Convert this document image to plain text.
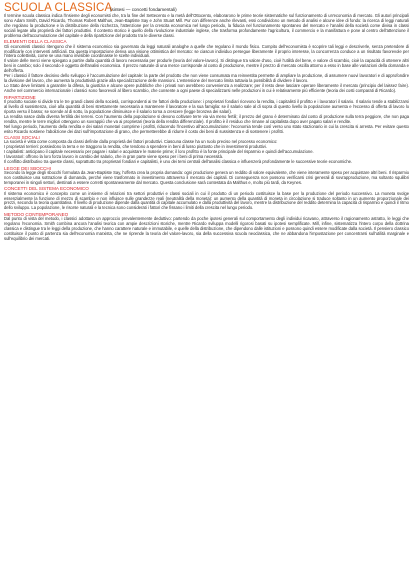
SCUOLA CLASSICA
(sintesi — concetti fondamentali)

Il termine scuola classica indica l'insieme degli economisti che, tra la fine del Settecento e la metà dell'Ottocento, elaborarono le prime teorie sistematiche sul funzionamento di un'economia di mercato. Gli autori principali sono Adam Smith, David Ricardo, Thomas Robert Malthus, Jean-Baptiste Say e John Stuart Mill. Pur con differenze anche rilevanti, essi condividono un metodo di analisi e alcune idee di fondo: la ricerca di leggi naturali che regolano la produzione e la distribuzione della ricchezza, l'attenzione per la crescita economica nel lungo periodo, la fiducia nel funzionamento spontaneo del mercato e l'analisi della società come divisa in classi sociali legate alla proprietà dei fattori produttivi. Il contesto storico è quello della rivoluzione industriale inglese, che trasforma profondamente l'agricoltura, il commercio e la manifattura e pone al centro dell'attenzione il problema dell'accumulazione del capitale e della ripartizione del prodotto tra le diverse classi.

ELEMENTI DELLA CLASSICA

Gli economisti classici ritengono che il sistema economico sia governato da leggi naturali analoghe a quelle che regolano il mondo fisico. Compito dell'economista è scoprire tali leggi e descriverle, senza pretendere di modificarle con interventi artificiali. Da questa impostazione deriva una visione ottimistica del mercato: se ciascun individuo persegue liberamente il proprio interesse, la concorrenza conduce a un risultato favorevole per l'intera collettività, come se una mano invisibile coordinasse le scelte individuali.

Il valore delle merci viene spiegato a partire dalla quantità di lavoro necessaria per produrle (teoria del valore-lavoro). Si distingue tra valore d'uso, cioè l'utilità del bene, e valore di scambio, cioè la capacità di ottenere altri beni in cambio; solo il secondo è oggetto dell'analisi economica. Il prezzo naturale di una merce corrisponde al costo di produzione, mentre il prezzo di mercato oscilla attorno a esso in base alle variazioni della domanda e dell'offerta.

Per i classici il fattore decisivo dello sviluppo è l'accumulazione del capitale: la parte del prodotto che non viene consumata ma reinvestita permette di ampliare la produzione, di assumere nuovi lavoratori e di approfondire la divisione del lavoro, che aumenta la produttività grazie alla specializzazione delle mansioni. L'estensione del mercato limita tuttavia la possibilità di dividere il lavoro.

Lo Stato deve limitarsi a garantire la difesa, la giustizia e alcune opere pubbliche che i privati non avrebbero convenienza a realizzare; per il resto deve lasciare operare liberamente il mercato (principio del laissez faire). Anche nel commercio internazionale i classici sono favorevoli al libero scambio, che consente a ogni paese di specializzarsi nelle produzioni in cui è relativamente più efficiente (teoria dei costi comparati di Ricardo).

RIPARTIZIONE

Il prodotto sociale si divide tra le tre grandi classi della società, corrispondenti ai tre fattori della produzione: i proprietari fondiari ricevono la rendita, i capitalisti il profitto e i lavoratori il salario. Il salario tende a stabilizzarsi al livello di sussistenza, cioè alla quantità di beni strettamente necessaria a mantenere il lavoratore e la sua famiglia: se il salario sale al di sopra di questo livello la popolazione aumenta e l'eccesso di offerta di lavoro lo riporta verso il basso; se scende al di sotto, la popolazione diminuisce e il salario torna a crescere (legge bronzea dei salari).

La rendita nasce dalla diversa fertilità dei terreni. Con l'aumento della popolazione si devono coltivare terre via via meno fertili; il prezzo del grano è determinato dal costo di produzione sulla terra peggiore, che non paga rendita, mentre le terre migliori ottengono un sovrappiù che va ai proprietari (teoria della rendita differenziale). Il profitto è il residuo che rimane al capitalista dopo aver pagato salari e rendite.

Nel lungo periodo, l'aumento della rendita e dei salari monetari comprime i profitti, riducendo l'incentivo all'accumulazione: l'economia tende così verso uno stato stazionario in cui la crescita si arresta. Per evitare questo esito Ricardo sostiene l'abolizione dei dazi sull'importazione di grano, che permetterebbe di ridurre il costo dei beni di sussistenza e di sostenere i profitti.

CLASSI SOCIALI

La società è vista come composta da classi definite dalla proprietà dei fattori produttivi. Ciascuna classe ha un ruolo preciso nel processo economico:

I proprietari terrieri: possiedono la terra e ne traggono la rendita, che tendono a spendere in beni di lusso piuttosto che in investimenti produttivi.

I capitalisti: anticipano il capitale necessario per pagare i salari e acquistare le materie prime; il loro profitto è la fonte principale del risparmio e quindi dell'accumulazione.

I lavoratori: offrono la loro forza lavoro in cambio del salario, che in gran parte viene speso per i beni di prima necessità.

Il conflitto distributivo tra queste classi, soprattutto tra proprietari fondiari e capitalisti, è uno dei temi centrali dell'analisi classica e influenzerà profondamente le successive teorie economiche.

LEGGE DEI SBOCCHI

Secondo la legge degli sbocchi formulata da Jean-Baptiste Say, l'offerta crea la propria domanda: ogni produzione genera un reddito di valore equivalente, che viene interamente speso per acquistare altri beni. Il risparmio non costituisce una sottrazione di domanda, perché viene trasformato in investimento attraverso il mercato dei capitali. Di conseguenza non possono verificarsi crisi generali di sovrapproduzione, ma soltanto squilibri temporanei in singoli settori, destinati a essere corretti spontaneamente dal mercato. Questa conclusione sarà contestata da Malthus e, molto più tardi, da Keynes.

CONCETTI DEL SISTEMA ECONOMICO

Il sistema economico è concepito come un insieme di relazioni tra settori produttivi e classi sociali in cui il prodotto di un periodo costituisce la base per la produzione del periodo successivo. La moneta svolge essenzialmente la funzione di mezzo di scambio e non influisce sulle grandezze reali (neutralità della moneta): un aumento della quantità di moneta in circolazione si traduce soltanto in un aumento proporzionale dei prezzi, secondo la teoria quantitativa. Il livello di produzione dipende dalla quantità di capitale accumulato e dalla produttività del lavoro, mentre la distribuzione del reddito determina la capacità di risparmio e quindi il ritmo dello sviluppo. La popolazione, le risorse naturali e la tecnica sono considerati i fattori che fissano i limiti della crescita nel lungo periodo.

METODO CONTEMPORANEO

Dal punto di vista del metodo, i classici adottano un approccio prevalentemente deduttivo: partendo da poche ipotesi generali sul comportamento degli individui ricavano, attraverso il ragionamento astratto, le leggi che regolano l'economia. Smith combina ancora l'analisi teorica con ampie descrizioni storiche, mentre Ricardo sviluppa modelli rigorosi basati su ipotesi semplificate. Mill, infine, sistematizza l'intero corpo della dottrina classica e distingue tra le leggi della produzione, che hanno carattere naturale e immutabile, e quelle della distribuzione, che dipendono dalle istituzioni e possono quindi essere modificate dalla società. Il pensiero classico costituisce il punto di partenza sia dell'economia marxista, che ne riprende la teoria del valore-lavoro, sia della successiva scuola neoclassica, che ne abbandona l'impostazione per concentrarsi sull'utilità marginale e sull'equilibrio dei mercati.
